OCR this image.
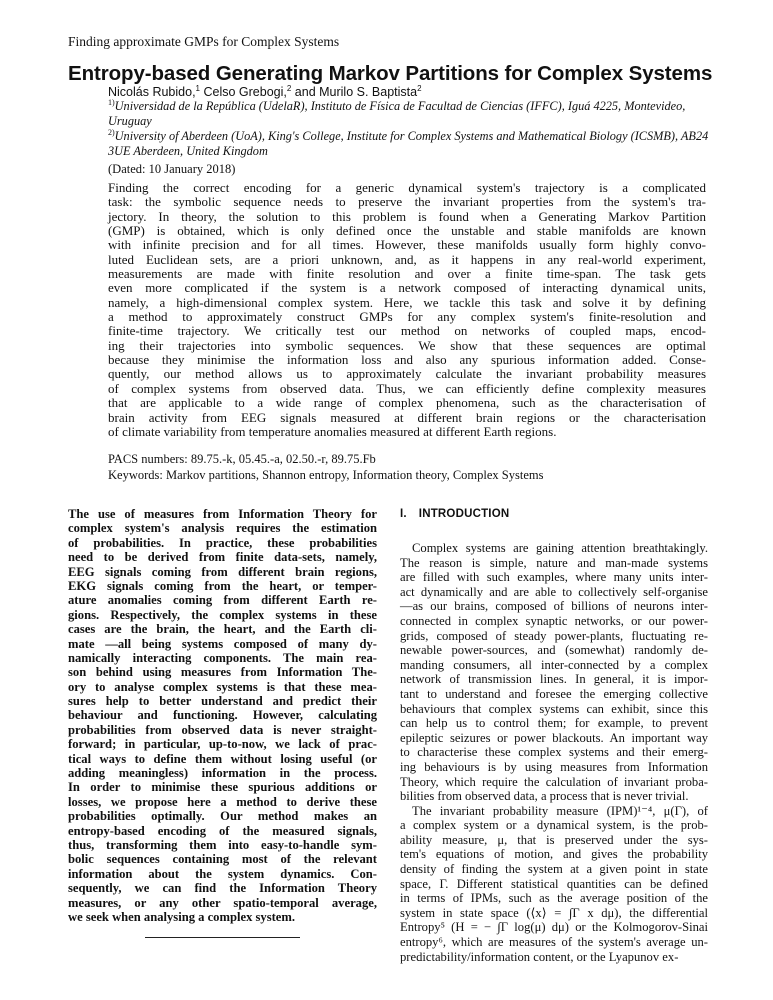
Finding approximate GMPs for Complex Systems
Entropy-based Generating Markov Partitions for Complex Systems
Nicolás Rubido,$^1$ Celso Grebogi,$^2$ and Murilo S. Baptista$^2$
$^{1)}$Universidad de la República (UdelaR), Instituto de Física de Facultad de Ciencias (IFFC), Iguá 4225, Montevideo, Uruguay
$^{2)}$University of Aberdeen (UoA), King's College, Institute for Complex Systems and Mathematical Biology (ICSMB), AB24 3UE Aberdeen, United Kingdom
(Dated: 10 January 2018)
Finding the correct encoding for a generic dynamical system's trajectory is a complicated
task: the symbolic sequence needs to preserve the invariant properties from the system's tra-
jectory. In theory, the solution to this problem is found when a Generating Markov Partition
(GMP) is obtained, which is only defined once the unstable and stable manifolds are known
with infinite precision and for all times. However, these manifolds usually form highly convo-
luted Euclidean sets, are a priori unknown, and, as it happens in any real-world experiment,
measurements are made with finite resolution and over a finite time-span. The task gets
even more complicated if the system is a network composed of interacting dynamical units,
namely, a high-dimensional complex system. Here, we tackle this task and solve it by defining
a method to approximately construct GMPs for any complex system's finite-resolution and
finite-time trajectory. We critically test our method on networks of coupled maps, encod-
ing their trajectories into symbolic sequences. We show that these sequences are optimal
because they minimise the information loss and also any spurious information added. Conse-
quently, our method allows us to approximately calculate the invariant probability measures
of complex systems from observed data. Thus, we can efficiently define complexity measures
that are applicable to a wide range of complex phenomena, such as the characterisation of
brain activity from EEG signals measured at different brain regions or the characterisation
of climate variability from temperature anomalies measured at different Earth regions.
PACS numbers: 89.75.-k, 05.45.-a, 02.50.-r, 89.75.Fb
Keywords: Markov partitions, Shannon entropy, Information theory, Complex Systems
The use of measures from Information Theory for
complex system's analysis requires the estimation
of probabilities. In practice, these probabilities
need to be derived from finite data-sets, namely,
EEG signals coming from different brain regions,
EKG signals coming from the heart, or temper-
ature anomalies coming from different Earth re-
gions. Respectively, the complex systems in these
cases are the brain, the heart, and the Earth cli-
mate —all being systems composed of many dy-
namically interacting components. The main rea-
son behind using measures from Information The-
ory to analyse complex systems is that these mea-
sures help to better understand and predict their
behaviour and functioning. However, calculating
probabilities from observed data is never straight-
forward; in particular, up-to-now, we lack of prac-
tical ways to define them without losing useful (or
adding meaningless) information in the process.
In order to minimise these spurious additions or
losses, we propose here a method to derive these
probabilities optimally. Our method makes an
entropy-based encoding of the measured signals,
thus, transforming them into easy-to-handle sym-
bolic sequences containing most of the relevant
information about the system dynamics. Con-
sequently, we can find the Information Theory
measures, or any other spatio-temporal average,
we seek when analysing a complex system.
I. INTRODUCTION
Complex systems are gaining attention breathtakingly.
The reason is simple, nature and man-made systems
are filled with such examples, where many units inter-
act dynamically and are able to collectively self-organise
—as our brains, composed of billions of neurons inter-
connected in complex synaptic networks, or our power-
grids, composed of steady power-plants, fluctuating re-
newable power-sources, and (somewhat) randomly de-
manding consumers, all inter-connected by a complex
network of transmission lines. In general, it is impor-
tant to understand and foresee the emerging collective
behaviours that complex systems can exhibit, since this
can help us to control them; for example, to prevent
epileptic seizures or power blackouts. An important way
to characterise these complex systems and their emerg-
ing behaviours is by using measures from Information
Theory, which require the calculation of invariant proba-
bilities from observed data, a process that is never trivial.
The invariant probability measure (IPM)¹⁻⁴, μ(Γ), of
a complex system or a dynamical system, is the prob-
ability measure, μ, that is preserved under the sys-
tem's equations of motion, and gives the probability
density of finding the system at a given point in state
space, Γ. Different statistical quantities can be defined
in terms of IPMs, such as the average position of the
system in state space (⟨x⟩ = ∫Γ x dμ), the differential
Entropy⁵ (H = − ∫Γ log(μ) dμ) or the Kolmogorov-Sinai
entropy⁶, which are measures of the system's average un-
predictability/information content, or the Lyapunov ex-
